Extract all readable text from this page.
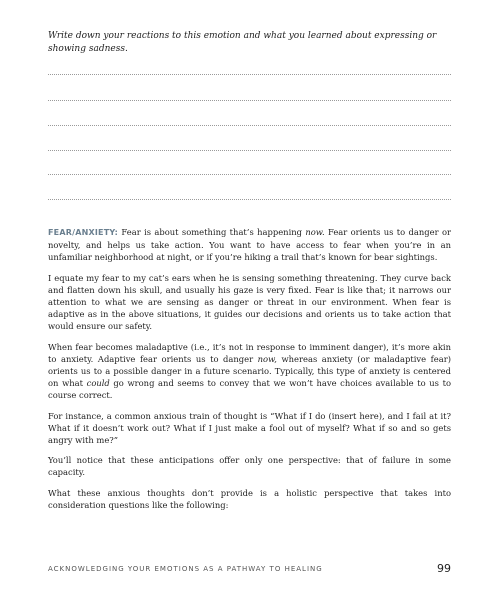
Write down your reactions to this emotion and what you learned about expressing or showing sadness.

FEAR/ANXIETY: Fear is about something that’s happening now. Fear orients us to danger or novelty, and helps us take action. You want to have access to fear when you’re in an unfamiliar neighborhood at night, or if you’re hiking a trail that’s known for bear sightings.

I equate my fear to my cat’s ears when he is sensing something threatening. They curve back and flatten down his skull, and usually his gaze is very fixed. Fear is like that; it narrows our attention to what we are sensing as danger or threat in our environment. When fear is adaptive as in the above situations, it guides our decisions and orients us to take action that would ensure our safety.

When fear becomes maladaptive (i.e., it’s not in response to imminent danger), it’s more akin to anxiety. Adaptive fear orients us to danger now, whereas anxiety (or maladaptive fear) orients us to a possible danger in a future scenario. Typically, this type of anxiety is centered on what could go wrong and seems to convey that we won’t have choices available to us to course correct.

For instance, a common anxious train of thought is “What if I do (insert here), and I fail at it? What if it doesn’t work out? What if I just make a fool out of myself? What if so and so gets angry with me?”

You’ll notice that these anticipations offer only one perspective: that of failure in some capacity.

What these anxious thoughts don’t provide is a holistic perspective that takes into consideration questions like the following:

ACKNOWLEDGING YOUR EMOTIONS AS A PATHWAY TO HEALING	99
